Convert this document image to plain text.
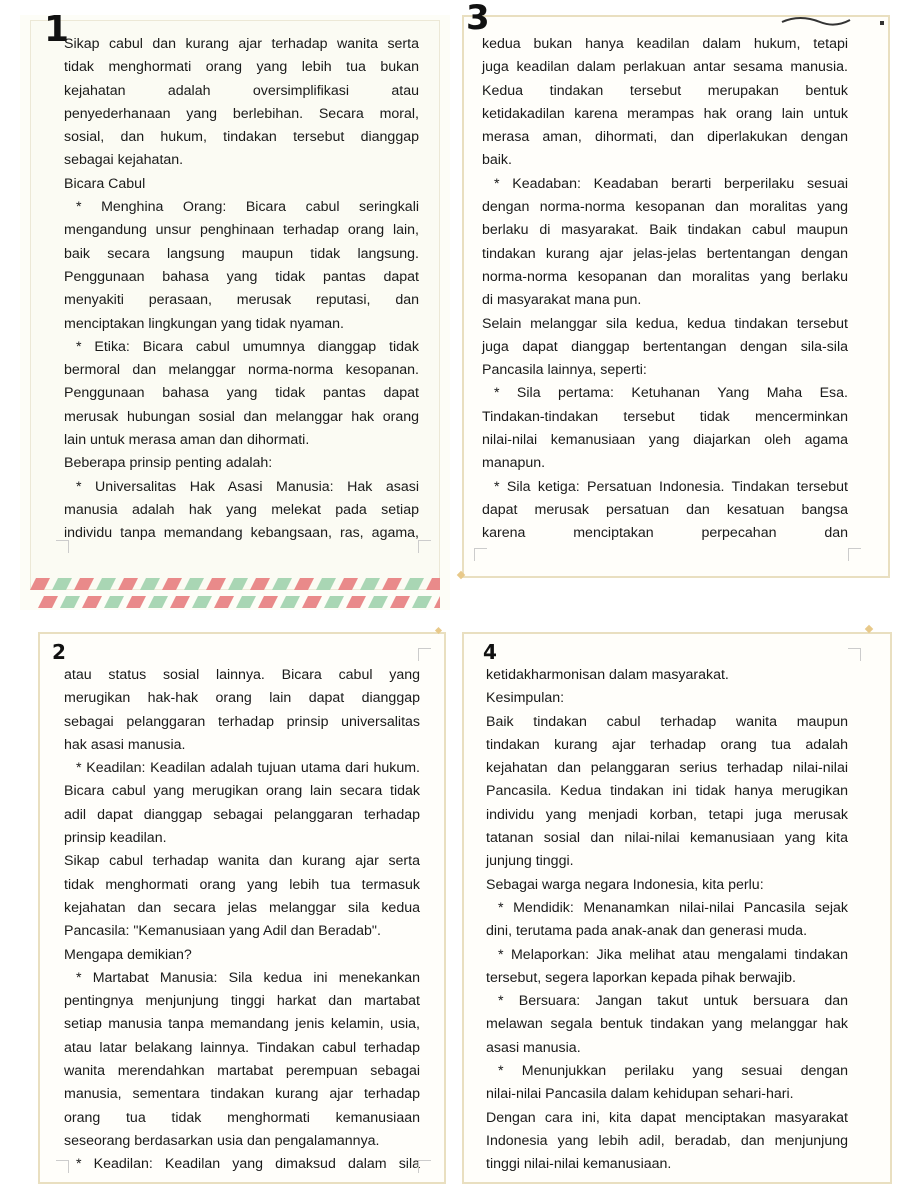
1

Sikap cabul dan kurang ajar terhadap wanita serta

tidak menghormati orang yang lebih tua bukan

kejahatan adalah oversimplifikasi atau

penyederhanaan yang berlebihan. Secara moral,

sosial, dan hukum, tindakan tersebut dianggap

sebagai kejahatan.

Bicara Cabul

* Menghina Orang: Bicara cabul seringkali

mengandung unsur penghinaan terhadap orang lain,

baik secara langsung maupun tidak langsung.

Penggunaan bahasa yang tidak pantas dapat

menyakiti perasaan, merusak reputasi, dan

menciptakan lingkungan yang tidak nyaman.

* Etika: Bicara cabul umumnya dianggap tidak

bermoral dan melanggar norma-norma kesopanan.

Penggunaan bahasa yang tidak pantas dapat

merusak hubungan sosial dan melanggar hak orang

lain untuk merasa aman dan dihormati.

Beberapa prinsip penting adalah:

* Universalitas Hak Asasi Manusia: Hak asasi

manusia adalah hak yang melekat pada setiap

individu tanpa memandang kebangsaan, ras, agama,

3

kedua bukan hanya keadilan dalam hukum, tetapi

juga keadilan dalam perlakuan antar sesama manusia.

Kedua tindakan tersebut merupakan bentuk

ketidakadilan karena merampas hak orang lain untuk

merasa aman, dihormati, dan diperlakukan dengan

baik.

* Keadaban: Keadaban berarti berperilaku sesuai

dengan norma-norma kesopanan dan moralitas yang

berlaku di masyarakat. Baik tindakan cabul maupun

tindakan kurang ajar jelas-jelas bertentangan dengan

norma-norma kesopanan dan moralitas yang berlaku

di masyarakat mana pun.

Selain melanggar sila kedua, kedua tindakan tersebut

juga dapat dianggap bertentangan dengan sila-sila

Pancasila lainnya, seperti:

* Sila pertama: Ketuhanan Yang Maha Esa.

Tindakan-tindakan tersebut tidak mencerminkan

nilai-nilai kemanusiaan yang diajarkan oleh agama

manapun.

* Sila ketiga: Persatuan Indonesia. Tindakan tersebut

dapat merusak persatuan dan kesatuan bangsa

karena menciptakan perpecahan dan

2

atau status sosial lainnya. Bicara cabul yang

merugikan hak-hak orang lain dapat dianggap

sebagai pelanggaran terhadap prinsip universalitas

hak asasi manusia.

* Keadilan: Keadilan adalah tujuan utama dari hukum.

Bicara cabul yang merugikan orang lain secara tidak

adil dapat dianggap sebagai pelanggaran terhadap

prinsip keadilan.

Sikap cabul terhadap wanita dan kurang ajar serta

tidak menghormati orang yang lebih tua termasuk

kejahatan dan secara jelas melanggar sila kedua

Pancasila: "Kemanusiaan yang Adil dan Beradab".

Mengapa demikian?

* Martabat Manusia: Sila kedua ini menekankan

pentingnya menjunjung tinggi harkat dan martabat

setiap manusia tanpa memandang jenis kelamin, usia,

atau latar belakang lainnya. Tindakan cabul terhadap

wanita merendahkan martabat perempuan sebagai

manusia, sementara tindakan kurang ajar terhadap

orang tua tidak menghormati kemanusiaan

seseorang berdasarkan usia dan pengalamannya.

* Keadilan: Keadilan yang dimaksud dalam sila

4

ketidakharmonisan dalam masyarakat.

Kesimpulan:

Baik tindakan cabul terhadap wanita maupun

tindakan kurang ajar terhadap orang tua adalah

kejahatan dan pelanggaran serius terhadap nilai-nilai

Pancasila. Kedua tindakan ini tidak hanya merugikan

individu yang menjadi korban, tetapi juga merusak

tatanan sosial dan nilai-nilai kemanusiaan yang kita

junjung tinggi.

Sebagai warga negara Indonesia, kita perlu:

* Mendidik: Menanamkan nilai-nilai Pancasila sejak

dini, terutama pada anak-anak dan generasi muda.

* Melaporkan: Jika melihat atau mengalami tindakan

tersebut, segera laporkan kepada pihak berwajib.

* Bersuara: Jangan takut untuk bersuara dan

melawan segala bentuk tindakan yang melanggar hak

asasi manusia.

* Menunjukkan perilaku yang sesuai dengan

nilai-nilai Pancasila dalam kehidupan sehari-hari.

Dengan cara ini, kita dapat menciptakan masyarakat

Indonesia yang lebih adil, beradab, dan menjunjung

tinggi nilai-nilai kemanusiaan.
